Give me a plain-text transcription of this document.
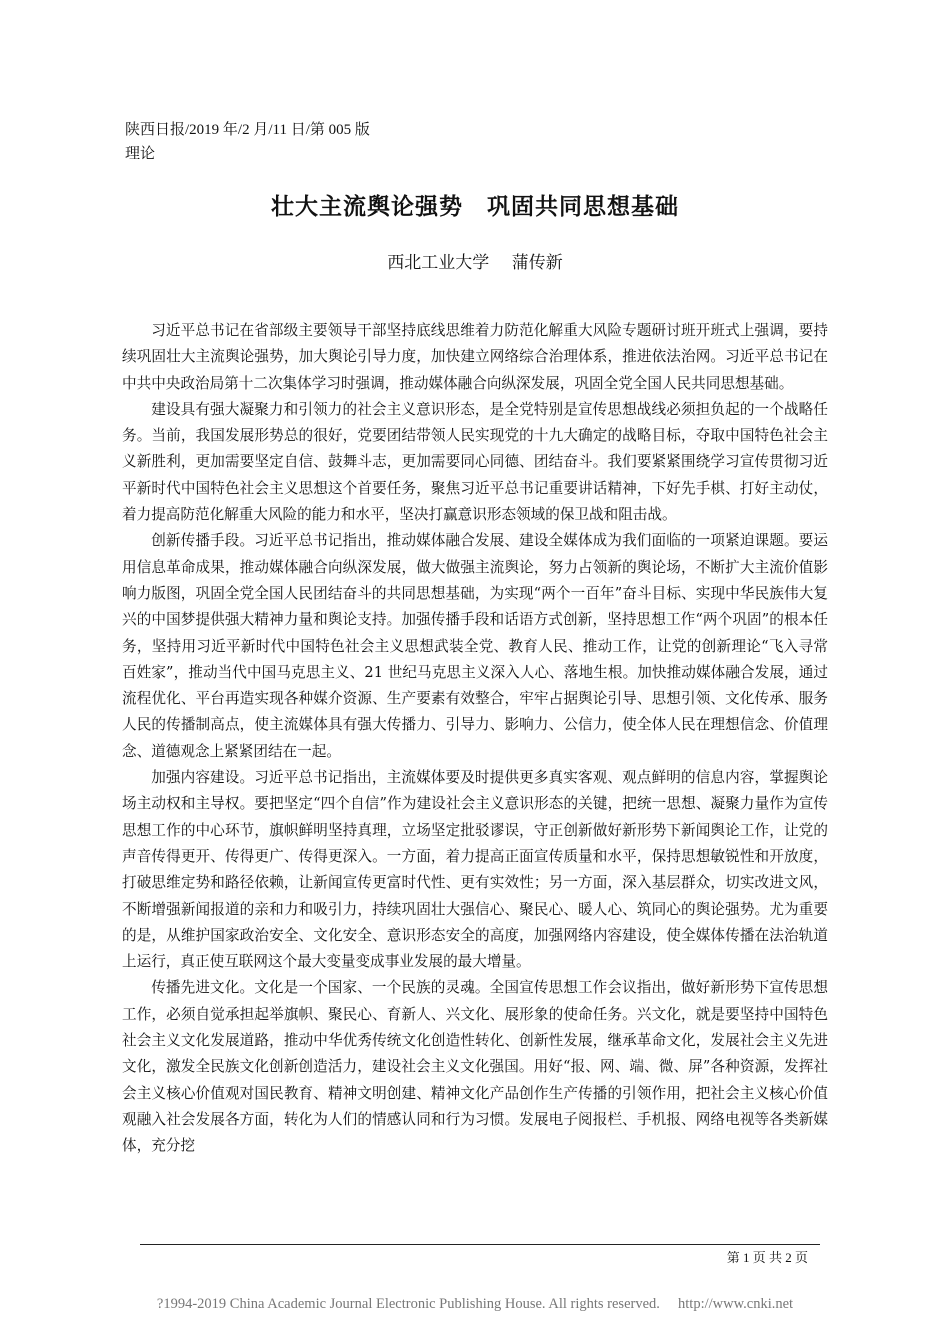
陕西日报/2019 年/2 月/11 日/第 005 版
理论
壮大主流舆论强势　巩固共同思想基础
西北工业大学　 蒲传新

习近平总书记在省部级主要领导干部坚持底线思维着力防范化解重大风险专题研讨班开班式上强调，要持续巩固壮大主流舆论强势，加大舆论引导力度，加快建立网络综合治理体系，推进依法治网。习近平总书记在中共中央政治局第十二次集体学习时强调，推动媒体融合向纵深发展，巩固全党全国人民共同思想基础。

建设具有强大凝聚力和引领力的社会主义意识形态，是全党特别是宣传思想战线必须担负起的一个战略任务。当前，我国发展形势总的很好，党要团结带领人民实现党的十九大确定的战略目标，夺取中国特色社会主义新胜利，更加需要坚定自信、鼓舞斗志，更加需要同心同德、团结奋斗。我们要紧紧围绕学习宣传贯彻习近平新时代中国特色社会主义思想这个首要任务，聚焦习近平总书记重要讲话精神，下好先手棋、打好主动仗，着力提高防范化解重大风险的能力和水平，坚决打赢意识形态领域的保卫战和阻击战。

创新传播手段。习近平总书记指出，推动媒体融合发展、建设全媒体成为我们面临的一项紧迫课题。要运用信息革命成果，推动媒体融合向纵深发展，做大做强主流舆论，努力占领新的舆论场，不断扩大主流价值影响力版图，巩固全党全国人民团结奋斗的共同思想基础，为实现“两个一百年”奋斗目标、实现中华民族伟大复兴的中国梦提供强大精神力量和舆论支持。加强传播手段和话语方式创新，坚持思想工作“两个巩固”的根本任务，坚持用习近平新时代中国特色社会主义思想武装全党、教育人民、推动工作，让党的创新理论“飞入寻常百姓家”，推动当代中国马克思主义、21 世纪马克思主义深入人心、落地生根。加快推动媒体融合发展，通过流程优化、平台再造实现各种媒介资源、生产要素有效整合，牢牢占据舆论引导、思想引领、文化传承、服务人民的传播制高点，使主流媒体具有强大传播力、引导力、影响力、公信力，使全体人民在理想信念、价值理念、道德观念上紧紧团结在一起。

加强内容建设。习近平总书记指出，主流媒体要及时提供更多真实客观、观点鲜明的信息内容，掌握舆论场主动权和主导权。要把坚定“四个自信”作为建设社会主义意识形态的关键，把统一思想、凝聚力量作为宣传思想工作的中心环节，旗帜鲜明坚持真理，立场坚定批驳谬误，守正创新做好新形势下新闻舆论工作，让党的声音传得更开、传得更广、传得更深入。一方面，着力提高正面宣传质量和水平，保持思想敏锐性和开放度，打破思维定势和路径依赖，让新闻宣传更富时代性、更有实效性；另一方面，深入基层群众，切实改进文风，不断增强新闻报道的亲和力和吸引力，持续巩固壮大强信心、聚民心、暖人心、筑同心的舆论强势。尤为重要的是，从维护国家政治安全、文化安全、意识形态安全的高度，加强网络内容建设，使全媒体传播在法治轨道上运行，真正使互联网这个最大变量变成事业发展的最大增量。

传播先进文化。文化是一个国家、一个民族的灵魂。全国宣传思想工作会议指出，做好新形势下宣传思想工作，必须自觉承担起举旗帜、聚民心、育新人、兴文化、展形象的使命任务。兴文化，就是要坚持中国特色社会主义文化发展道路，推动中华优秀传统文化创造性转化、创新性发展，继承革命文化，发展社会主义先进文化，激发全民族文化创新创造活力，建设社会主义文化强国。用好“报、网、端、微、屏”各种资源，发挥社会主义核心价值观对国民教育、精神文明创建、精神文化产品创作生产传播的引领作用，把社会主义核心价值观融入社会发展各方面，转化为人们的情感认同和行为习惯。发展电子阅报栏、手机报、网络电视等各类新媒体，充分挖

第 1 页 共 2 页
?1994-2019 China Academic Journal Electronic Publishing House. All rights reserved.     http://www.cnki.net
